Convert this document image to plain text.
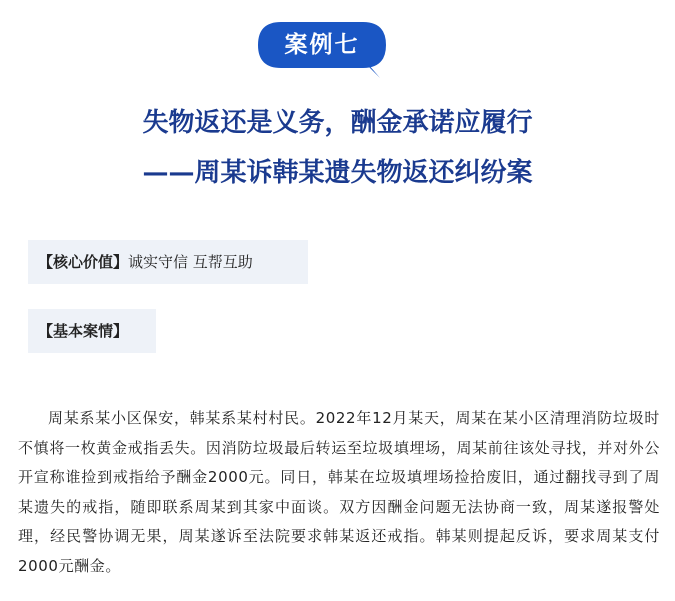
案例七
失物返还是义务，酬金承诺应履行
——周某诉韩某遗失物返还纠纷案
【核心价值】诚实守信 互帮互助
【基本案情】
周某系某小区保安，韩某系某村村民。2022年12月某天，周某在某小区清理消防垃圾时不慎将一枚黄金戒指丢失。因消防垃圾最后转运至垃圾填埋场，周某前往该处寻找，并对外公开宣称谁捡到戒指给予酬金2000元。同日，韩某在垃圾填埋场捡拾废旧，通过翻找寻到了周某遗失的戒指，随即联系周某到其家中面谈。双方因酬金问题无法协商一致，周某遂报警处理，经民警协调无果，周某遂诉至法院要求韩某返还戒指。韩某则提起反诉，要求周某支付2000元酬金。
